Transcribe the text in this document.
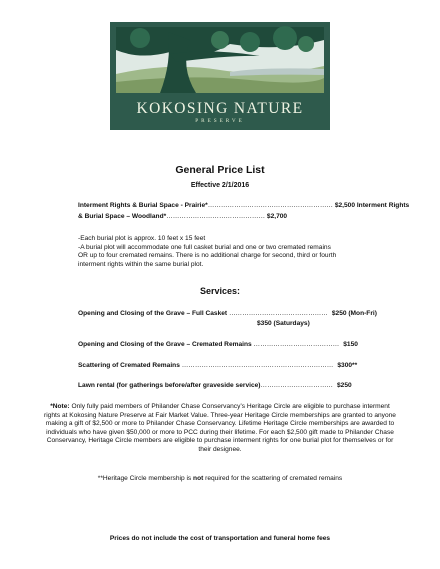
KOKOSING NATURE
PRESERVE
General Price List
Effective 2/1/2016
Interment Rights & Burial Space - Prairie*………………………………………………… $2,500 Interment Rights
& Burial Space – Woodland*……………………………………… $2,700
-Each burial plot is approx. 10 feet x 15 feet
-A burial plot will accommodate one full casket burial and one or two cremated remains
OR up to four cremated remains. There is no additional charge for second, third or fourth
interment rights within the same burial plot.
Services:
Opening and Closing of the Grave – Full Casket ……………………………………… $250 (Mon-Fri)
$350 (Saturdays)
Opening and Closing of the Grave – Cremated Remains ………………………………… $150
Scattering of Cremated Remains …………………………………………………………… $300**
Lawn rental (for gatherings before/after graveside service)…………………………… $250
*Note: Only fully paid members of Philander Chase Conservancy’s Heritage Circle are eligible to purchase interment
rights at Kokosing Nature Preserve at Fair Market Value. Three-year Heritage Circle memberships are granted to anyone
making a gift of $2,500 or more to Philander Chase Conservancy. Lifetime Heritage Circle memberships are awarded to
individuals who have given $50,000 or more to PCC during their lifetime. For each $2,500 gift made to Philander Chase
Conservancy, Heritage Circle members are eligible to purchase interment rights for one burial plot for themselves or for
their designee.
**Heritage Circle membership is not required for the scattering of cremated remains
Prices do not include the cost of transportation and funeral home fees
